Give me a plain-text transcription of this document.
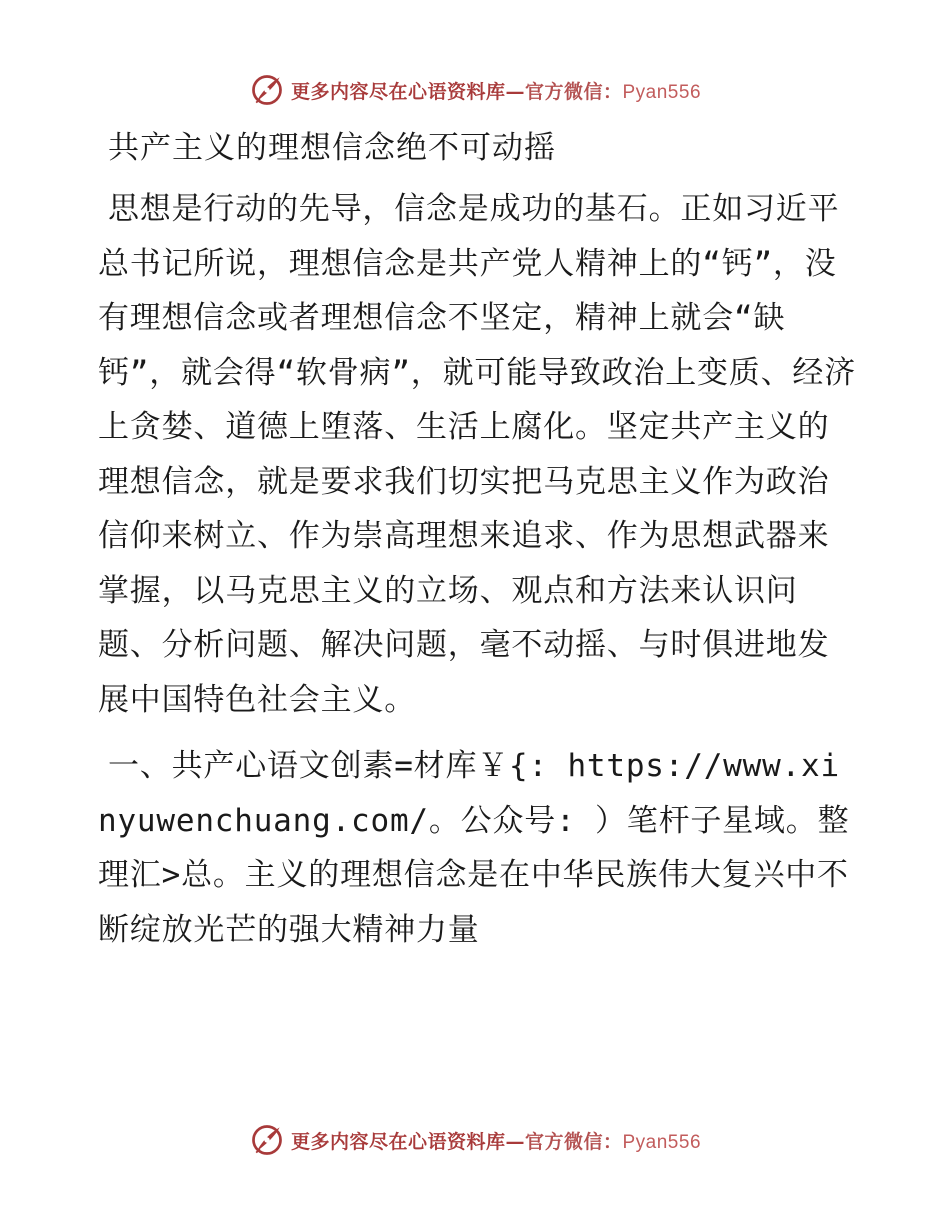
更多内容尽在心语资料库—官方微信：Pyan556
共产主义的理想信念绝不可动摇

思想是行动的先导，信念是成功的基石。正如习近平总书记所说，理想信念是共产党人精神上的“钙”，没有理想信念或者理想信念不坚定，精神上就会“缺钙”，就会得“软骨病”，就可能导致政治上变质、经济上贪婪、道德上堕落、生活上腐化。坚定共产主义的理想信念，就是要求我们切实把马克思主义作为政治信仰来树立、作为崇高理想来追求、作为思想武器来掌握，以马克思主义的立场、观点和方法来认识问题、分析问题、解决问题，毫不动摇、与时俱进地发展中国特色社会主义。

一、共产心语文创素=材库￥{: https://www.xinyuwenchuang.com/。公众号: ）笔杆子星域。整理汇>总。主义的理想信念是在中华民族伟大复兴中不断绽放光芒的强大精神力量

更多内容尽在心语资料库—官方微信：Pyan556
